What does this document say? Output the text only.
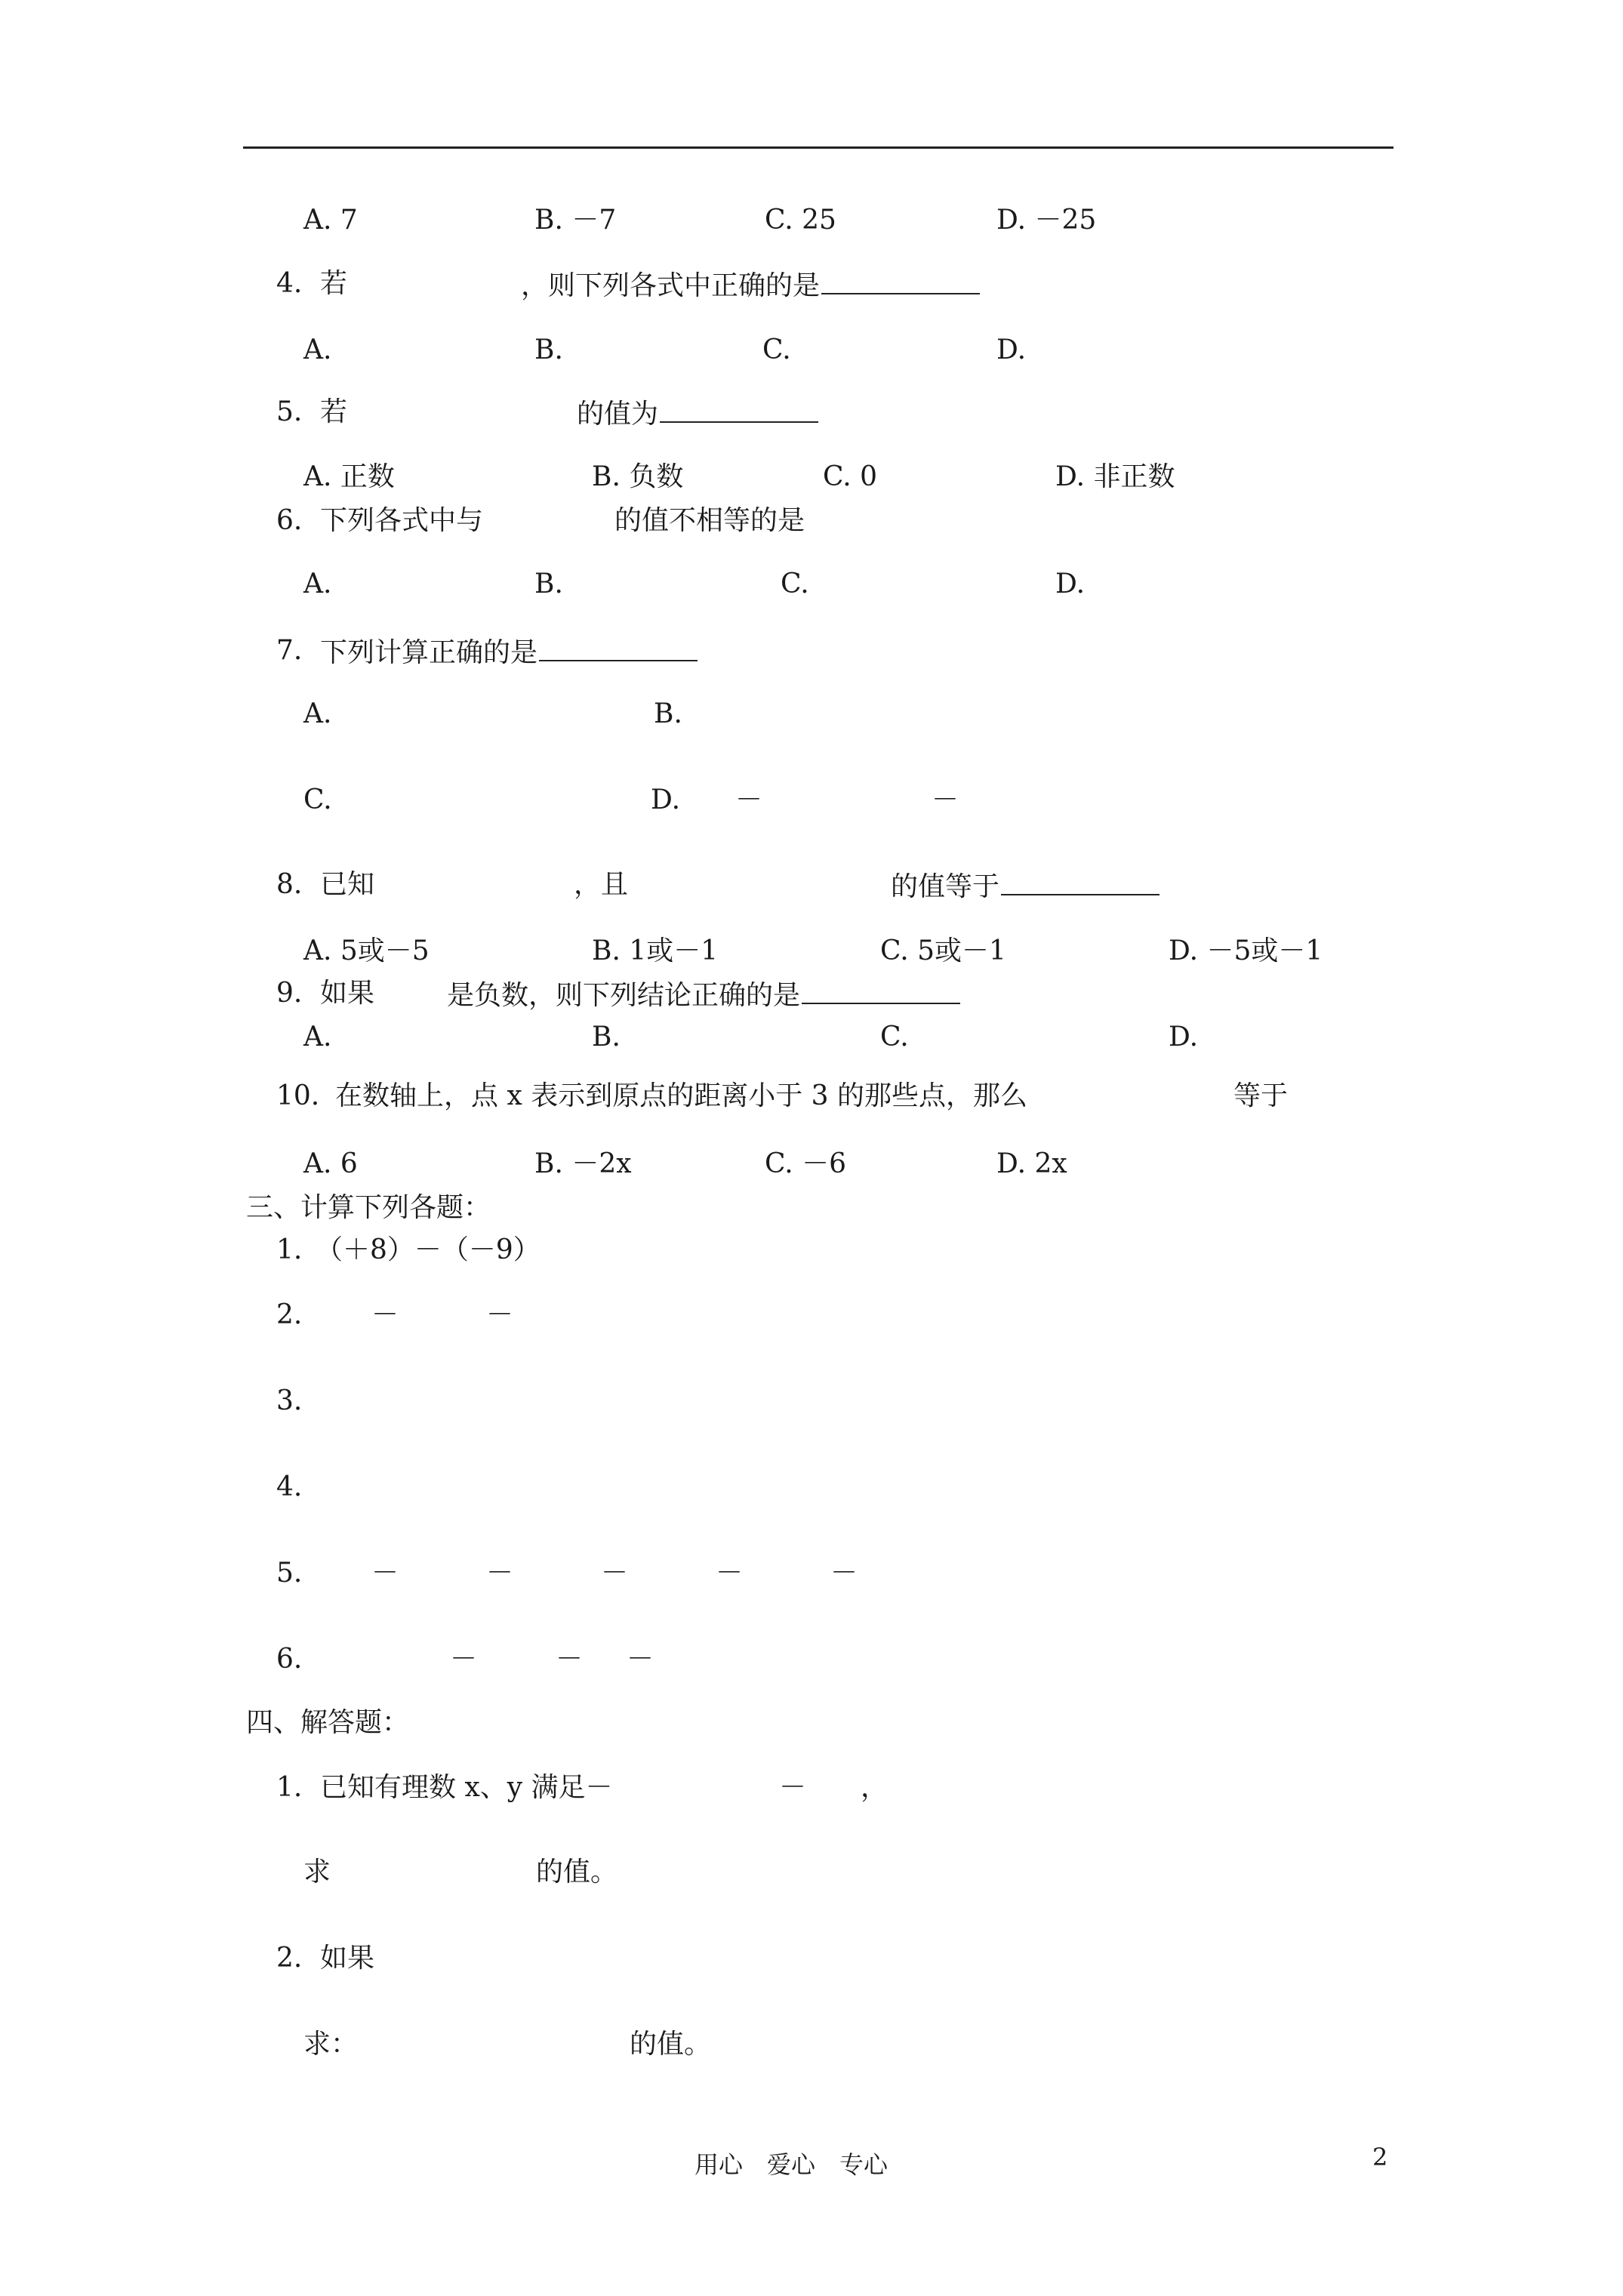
A. 7	B. －7	C. 25	D. －25
4. 若	，则下列各式中正确的是
A.	B.	C.	D.
5. 若	的值为
A. 正数	B. 负数	C. 0	D. 非正数
6. 下列各式中与	的值不相等的是
A.	B.	C.	D.
7. 下列计算正确的是
A.	B.
C.	D. －	－
8. 已知	，且	的值等于
A. 5或－5	B. 1或－1	C. 5或－1	D. －5或－1
9. 如果	是负数，则下列结论正确的是
A.	B.	C.	D.
10. 在数轴上，点 x 表示到原点的距离小于 3 的那些点，那么	等于
A. 6	B. －2x	C. －6	D. 2x
三、计算下列各题：
1. （＋8）－（－9）
2.	－	－
3.
4.
5.	－	－	－	－	－
6.	－	－ －
四、解答题：
1. 已知有理数 x、y 满足－	－ ，
求	的值。
2. 如果
求：	的值。
用心　爱心　专心	2
